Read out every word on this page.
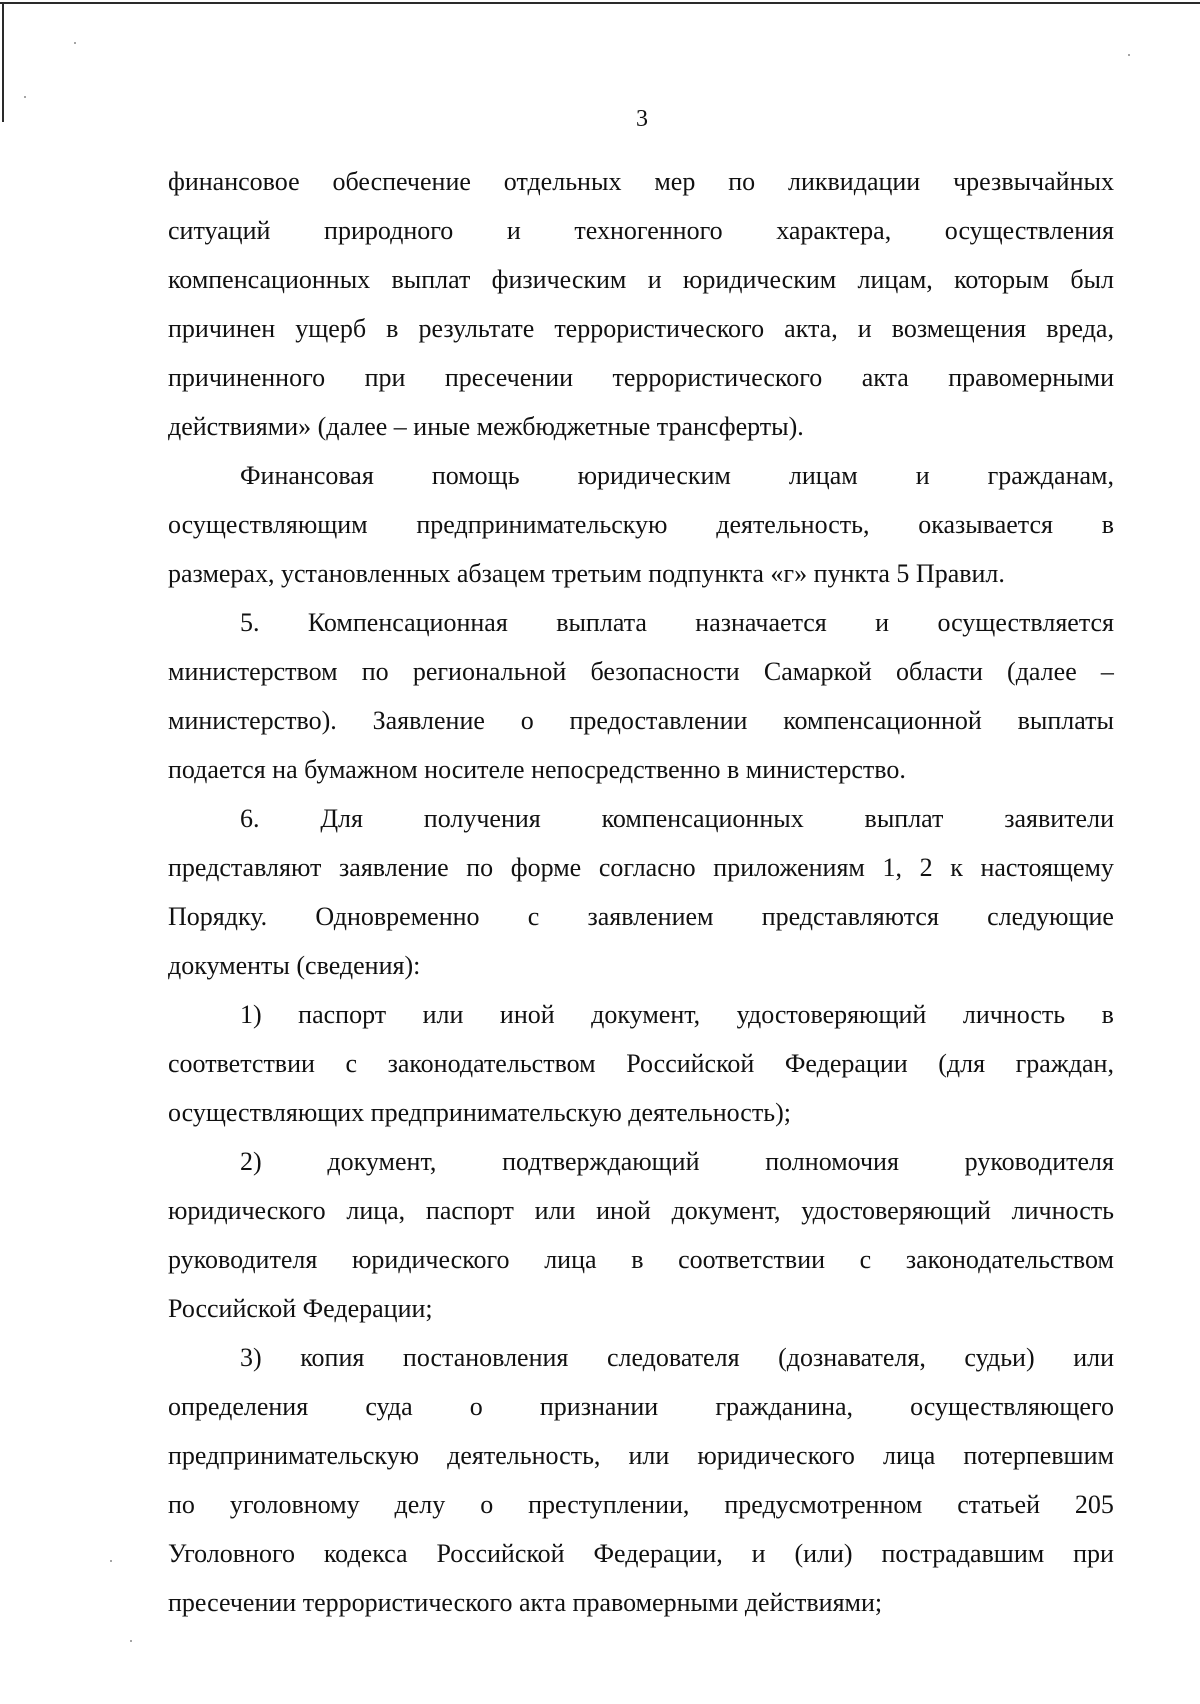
3
финансовое обеспечение отдельных мер по ликвидации чрезвычайных
ситуаций природного и техногенного характера, осуществления
компенсационных выплат физическим и юридическим лицам, которым был
причинен ущерб в результате террористического акта, и возмещения вреда,
причиненного при пресечении террористического акта правомерными
действиями» (далее – иные межбюджетные трансферты).
Финансовая помощь юридическим лицам и гражданам,
осуществляющим предпринимательскую деятельность, оказывается в
размерах, установленных абзацем третьим подпункта «г» пункта 5 Правил.
5. Компенсационная выплата назначается и осуществляется
министерством по региональной безопасности Самаркой области (далее –
министерство). Заявление о предоставлении компенсационной выплаты
подается на бумажном носителе непосредственно в министерство.
6. Для получения компенсационных выплат заявители
представляют заявление по форме согласно приложениям 1, 2 к настоящему
Порядку. Одновременно с заявлением представляются следующие
документы (сведения):
1) паспорт или иной документ, удостоверяющий личность в
соответствии с законодательством Российской Федерации (для граждан,
осуществляющих предпринимательскую деятельность);
2)	документ,	подтверждающий	полномочия	руководителя
юридического лица, паспорт или иной документ, удостоверяющий личность
руководителя юридического лица в соответствии с законодательством
Российской Федерации;
3) копия постановления следователя (дознавателя, судьи) или
определения суда о признании гражданина, осуществляющего
предпринимательскую деятельность, или юридического лица потерпевшим
по уголовному делу о преступлении, предусмотренном статьей 205
Уголовного кодекса Российской Федерации, и (или) пострадавшим при
пресечении террористического акта правомерными действиями;
